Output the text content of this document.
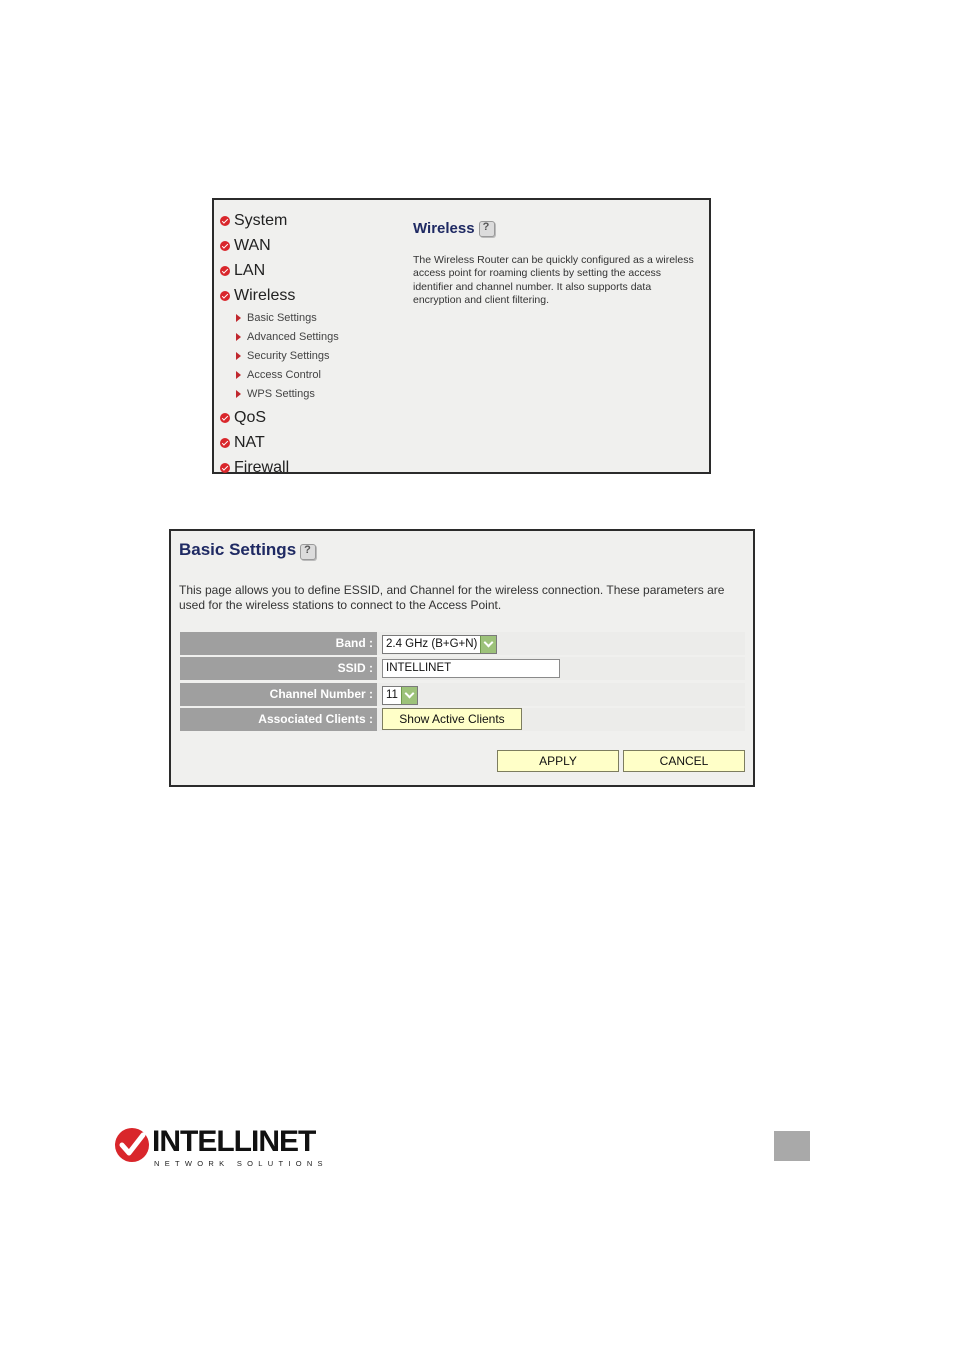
System
WAN
LAN
Wireless
Basic Settings
Advanced Settings
Security Settings
Access Control
WPS Settings
QoS
NAT
Firewall
Wireless
?
The Wireless Router can be quickly configured as a wireless access point for roaming clients by setting the access identifier and channel number. It also supports data encryption and client filtering.
Basic Settings
?
This page allows you to define ESSID, and Channel for the wireless connection. These parameters are used for the wireless stations to connect to the Access Point.
Band :	2.4 GHz (B+G+N)
SSID :	INTELLINET
Channel Number :	11
Associated Clients :	Show Active Clients
APPLY	CANCEL
INTELLINET
NETWORK SOLUTIONS
